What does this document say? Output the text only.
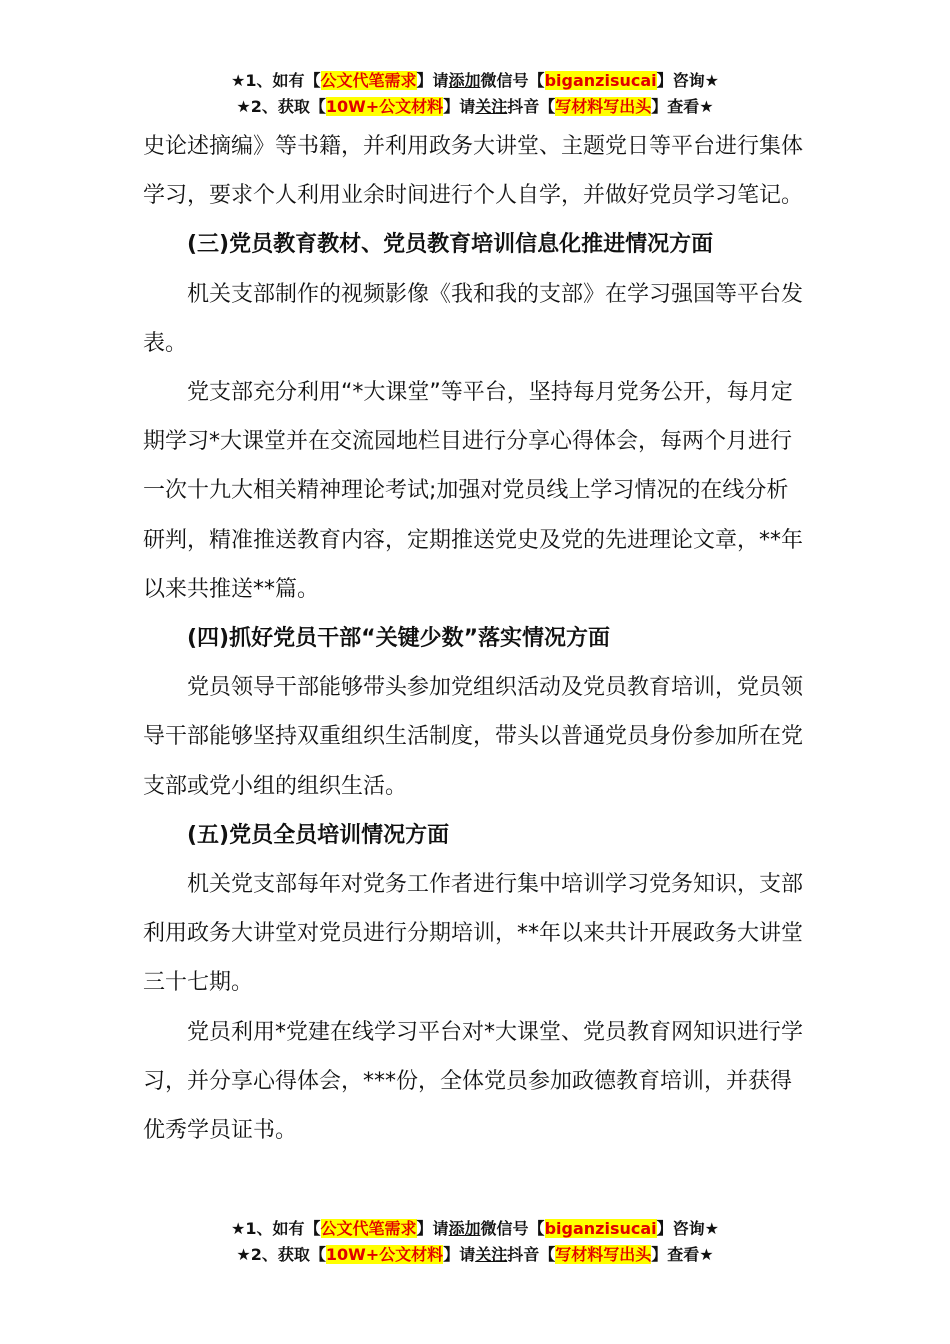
★1、如有【公文代笔需求】请添加微信号【biganzisucai】咨询★
★2、获取【10W+公文材料】请关注抖音【写材料写出头】查看★

史论述摘编》等书籍，并利用政务大讲堂、主题党日等平台进行集体学习，要求个人利用业余时间进行个人自学，并做好党员学习笔记。

(三)党员教育教材、党员教育培训信息化推进情况方面

机关支部制作的视频影像《我和我的支部》在学习强国等平台发表。

党支部充分利用“*大课堂”等平台，坚持每月党务公开，每月定期学习*大课堂并在交流园地栏目进行分享心得体会，每两个月进行一次十九大相关精神理论考试;加强对党员线上学习情况的在线分析研判，精准推送教育内容，定期推送党史及党的先进理论文章，**年以来共推送**篇。

(四)抓好党员干部“关键少数”落实情况方面

党员领导干部能够带头参加党组织活动及党员教育培训，党员领导干部能够坚持双重组织生活制度，带头以普通党员身份参加所在党支部或党小组的组织生活。

(五)党员全员培训情况方面

机关党支部每年对党务工作者进行集中培训学习党务知识，支部利用政务大讲堂对党员进行分期培训，**年以来共计开展政务大讲堂三十七期。

党员利用*党建在线学习平台对*大课堂、党员教育网知识进行学习，并分享心得体会，***份，全体党员参加政德教育培训，并获得优秀学员证书。

★1、如有【公文代笔需求】请添加微信号【biganzisucai】咨询★
★2、获取【10W+公文材料】请关注抖音【写材料写出头】查看★
